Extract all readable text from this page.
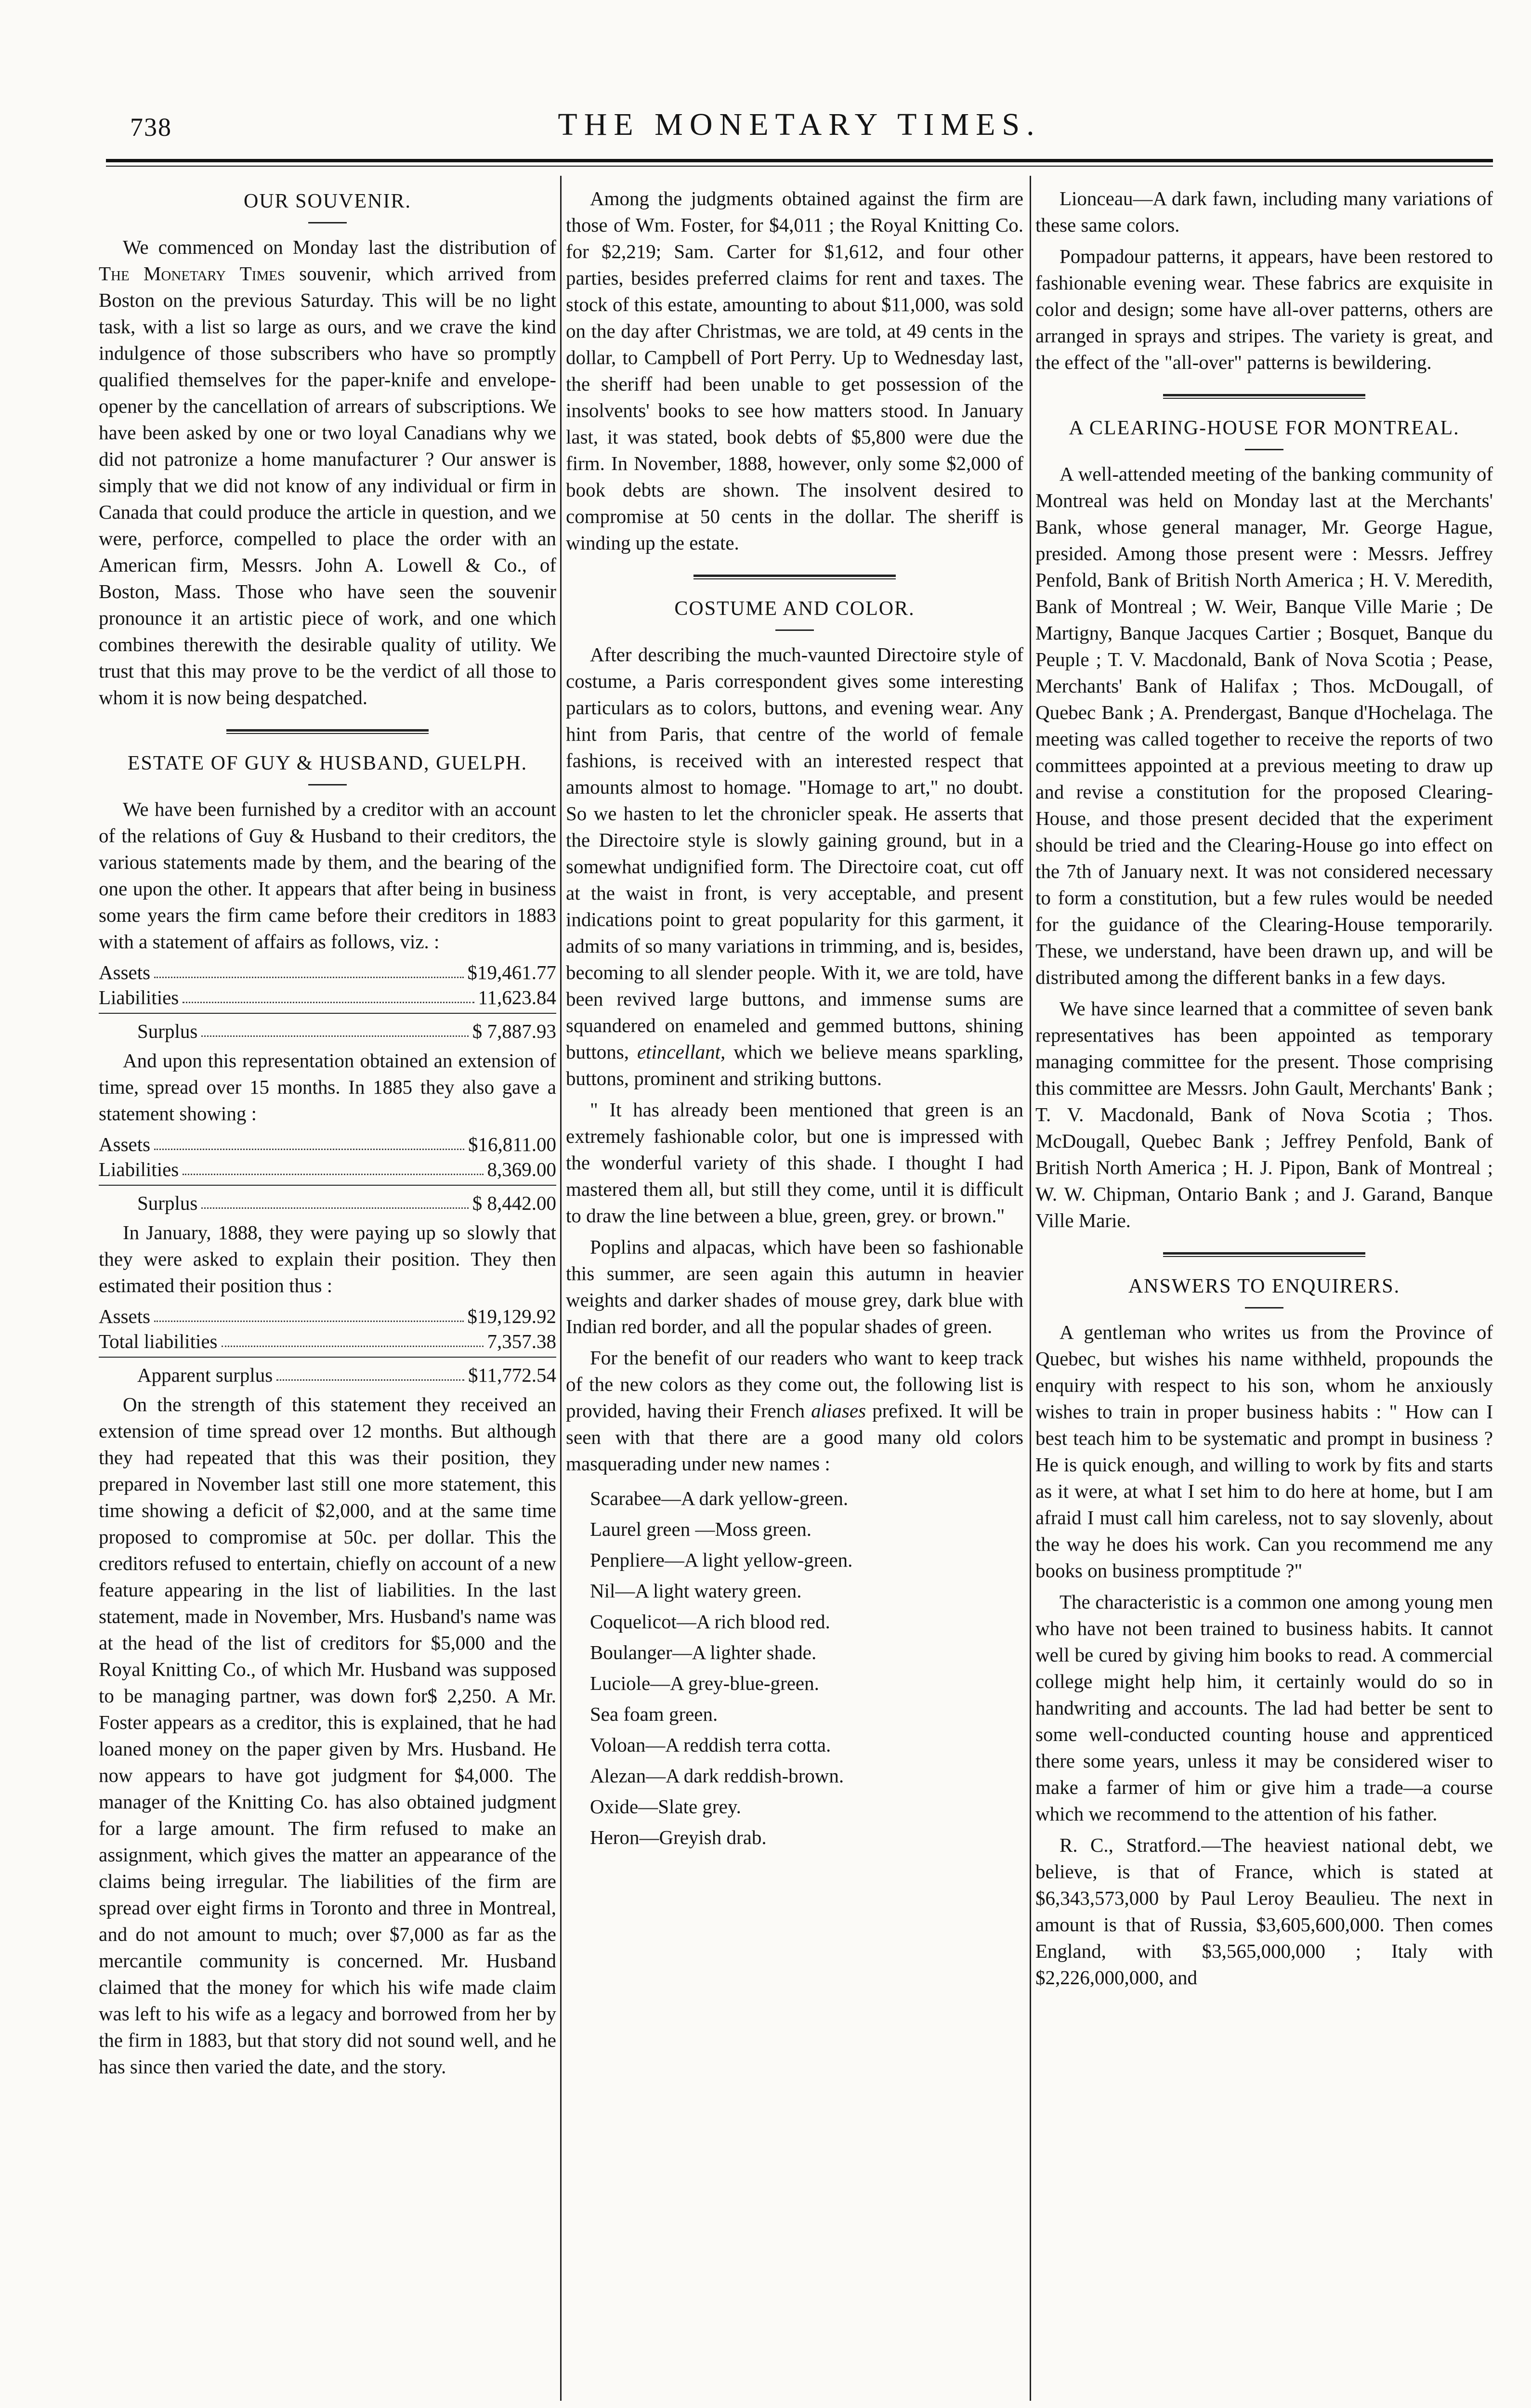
738	THE MONETARY TIMES.
OUR SOUVENIR.

We commenced on Monday last the distribution of The Monetary Times souvenir, which arrived from Boston on the previous Saturday. This will be no light task, with a list so large as ours, and we crave the kind indulgence of those subscribers who have so promptly qualified themselves for the paper-knife and envelope-opener by the cancellation of arrears of subscriptions. We have been asked by one or two loyal Canadians why we did not patronize a home manufacturer ? Our answer is simply that we did not know of any individual or firm in Canada that could produce the article in question, and we were, perforce, compelled to place the order with an American firm, Messrs. John A. Lowell & Co., of Boston, Mass. Those who have seen the souvenir pronounce it an artistic piece of work, and one which combines therewith the desirable quality of utility. We trust that this may prove to be the verdict of all those to whom it is now being despatched.

ESTATE OF GUY & HUSBAND, GUELPH.

We have been furnished by a creditor with an account of the relations of Guy & Husband to their creditors, the various statements made by them, and the bearing of the one upon the other. It appears that after being in business some years the firm came before their creditors in 1883 with a statement of affairs as follows, viz. :

Assets	$19,461.77
Liabilities	11,623.84
Surplus	$ 7,887.93

And upon this representation obtained an extension of time, spread over 15 months. In 1885 they also gave a statement showing :

Assets	$16,811.00
Liabilities	8,369.00
Surplus	$ 8,442.00

In January, 1888, they were paying up so slowly that they were asked to explain their position. They then estimated their position thus :

Assets	$19,129.92
Total liabilities	7,357.38
Apparent surplus	$11,772.54

On the strength of this statement they received an extension of time spread over 12 months. But although they had repeated that this was their position, they prepared in November last still one more statement, this time showing a deficit of $2,000, and at the same time proposed to compromise at 50c. per dollar. This the creditors refused to entertain, chiefly on account of a new feature appearing in the list of liabilities. In the last statement, made in November, Mrs. Husband's name was at the head of the list of creditors for $5,000 and the Royal Knitting Co., of which Mr. Husband was supposed to be managing partner, was down for$ 2,250. A Mr. Foster appears as a creditor, this is explained, that he had loaned money on the paper given by Mrs. Husband. He now appears to have got judgment for $4,000. The manager of the Knitting Co. has also obtained judgment for a large amount. The firm refused to make an assignment, which gives the matter an appearance of the claims being irregular. The liabilities of the firm are spread over eight firms in Toronto and three in Montreal, and do not amount to much; over $7,000 as far as the mercantile community is concerned. Mr. Husband claimed that the money for which his wife made claim was left to his wife as a legacy and borrowed from her by the firm in 1883, but that story did not sound well, and he has since then varied the date, and the story.

Among the judgments obtained against the firm are those of Wm. Foster, for $4,011 ; the Royal Knitting Co. for $2,219; Sam. Carter for $1,612, and four other parties, besides preferred claims for rent and taxes. The stock of this estate, amounting to about $11,000, was sold on the day after Christmas, we are told, at 49 cents in the dollar, to Campbell of Port Perry. Up to Wednesday last, the sheriff had been unable to get possession of the insolvents' books to see how matters stood. In January last, it was stated, book debts of $5,800 were due the firm. In November, 1888, however, only some $2,000 of book debts are shown. The insolvent desired to compromise at 50 cents in the dollar. The sheriff is winding up the estate.

COSTUME AND COLOR.

After describing the much-vaunted Directoire style of costume, a Paris correspondent gives some interesting particulars as to colors, buttons, and evening wear. Any hint from Paris, that centre of the world of female fashions, is received with an interested respect that amounts almost to homage. "Homage to art," no doubt. So we hasten to let the chronicler speak. He asserts that the Directoire style is slowly gaining ground, but in a somewhat undignified form. The Directoire coat, cut off at the waist in front, is very acceptable, and present indications point to great popularity for this garment, it admits of so many variations in trimming, and is, besides, becoming to all slender people. With it, we are told, have been revived large buttons, and immense sums are squandered on enameled and gemmed buttons, shining buttons, etincellant, which we believe means sparkling, buttons, prominent and striking buttons.

" It has already been mentioned that green is an extremely fashionable color, but one is impressed with the wonderful variety of this shade. I thought I had mastered them all, but still they come, until it is difficult to draw the line between a blue, green, grey. or brown."

Poplins and alpacas, which have been so fashionable this summer, are seen again this autumn in heavier weights and darker shades of mouse grey, dark blue with Indian red border, and all the popular shades of green.

For the benefit of our readers who want to keep track of the new colors as they come out, the following list is provided, having their French aliases prefixed. It will be seen with that there are a good many old colors masquerading under new names :

Scarabee—A dark yellow-green.
Laurel green —Moss green.
Penpliere—A light yellow-green.
Nil—A light watery green.
Coquelicot—A rich blood red.
Boulanger—A lighter shade.
Luciole—A grey-blue-green.
Sea foam green.
Voloan—A reddish terra cotta.
Alezan—A dark reddish-brown.
Oxide—Slate grey.
Heron—Greyish drab.

Lionceau—A dark fawn, including many variations of these same colors.

Pompadour patterns, it appears, have been restored to fashionable evening wear. These fabrics are exquisite in color and design; some have all-over patterns, others are arranged in sprays and stripes. The variety is great, and the effect of the "all-over" patterns is bewildering.

A CLEARING-HOUSE FOR MONTREAL.

A well-attended meeting of the banking community of Montreal was held on Monday last at the Merchants' Bank, whose general manager, Mr. George Hague, presided. Among those present were : Messrs. Jeffrey Penfold, Bank of British North America ; H. V. Meredith, Bank of Montreal ; W. Weir, Banque Ville Marie ; De Martigny, Banque Jacques Cartier ; Bosquet, Banque du Peuple ; T. V. Macdonald, Bank of Nova Scotia ; Pease, Merchants' Bank of Halifax ; Thos. McDougall, of Quebec Bank ; A. Prendergast, Banque d'Hochelaga. The meeting was called together to receive the reports of two committees appointed at a previous meeting to draw up and revise a constitution for the proposed Clearing-House, and those present decided that the experiment should be tried and the Clearing-House go into effect on the 7th of January next. It was not considered necessary to form a constitution, but a few rules would be needed for the guidance of the Clearing-House temporarily. These, we understand, have been drawn up, and will be distributed among the different banks in a few days.

We have since learned that a committee of seven bank representatives has been appointed as temporary managing committee for the present. Those comprising this committee are Messrs. John Gault, Merchants' Bank ; T. V. Macdonald, Bank of Nova Scotia ; Thos. McDougall, Quebec Bank ; Jeffrey Penfold, Bank of British North America ; H. J. Pipon, Bank of Montreal ; W. W. Chipman, Ontario Bank ; and J. Garand, Banque Ville Marie.

ANSWERS TO ENQUIRERS.

A gentleman who writes us from the Province of Quebec, but wishes his name withheld, propounds the enquiry with respect to his son, whom he anxiously wishes to train in proper business habits : " How can I best teach him to be systematic and prompt in business ? He is quick enough, and willing to work by fits and starts as it were, at what I set him to do here at home, but I am afraid I must call him careless, not to say slovenly, about the way he does his work. Can you recommend me any books on business promptitude ?"

The characteristic is a common one among young men who have not been trained to business habits. It cannot well be cured by giving him books to read. A commercial college might help him, it certainly would do so in handwriting and accounts. The lad had better be sent to some well-conducted counting house and apprenticed there some years, unless it may be considered wiser to make a farmer of him or give him a trade—a course which we recommend to the attention of his father.

R. C., Stratford.—The heaviest national debt, we believe, is that of France, which is stated at $6,343,573,000 by Paul Leroy Beaulieu. The next in amount is that of Russia, $3,605,600,000. Then comes England, with $3,565,000,000 ; Italy with $2,226,000,000, and
